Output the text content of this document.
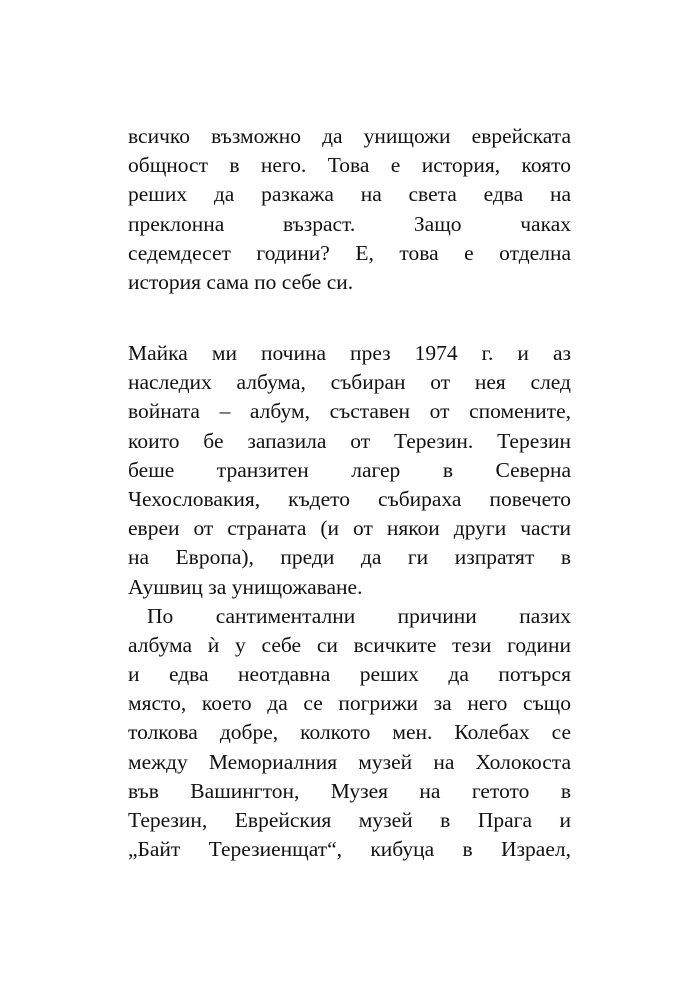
всичко възможно да унищожи еврейската
общност в него. Това е история, която
реших да разкажа на света едва на
преклонна възраст. Защо чаках
седемдесет години? Е, това е отделна
история сама по себе си.
Майка ми почина през 1974 г. и аз
наследих албума, събиран от нея след
войната – албум, съставен от спомените,
които бе запазила от Терезин. Терезин
беше транзитен лагер в Северна
Чехословакия, където събираха повечето
евреи от страната (и от някои други части
на Европа), преди да ги изпратят в
Аушвиц за унищожаване.
По сантиментални причини пазих
албума ѝ у себе си всичките тези години
и едва неотдавна реших да потърся
място, което да се погрижи за него също
толкова добре, колкото мен. Колебах се
между Мемориалния музей на Холокоста
във Вашингтон, Музея на гетото в
Терезин, Еврейския музей в Прага и
„Байт Терезиенщат“, кибуца в Израел,
